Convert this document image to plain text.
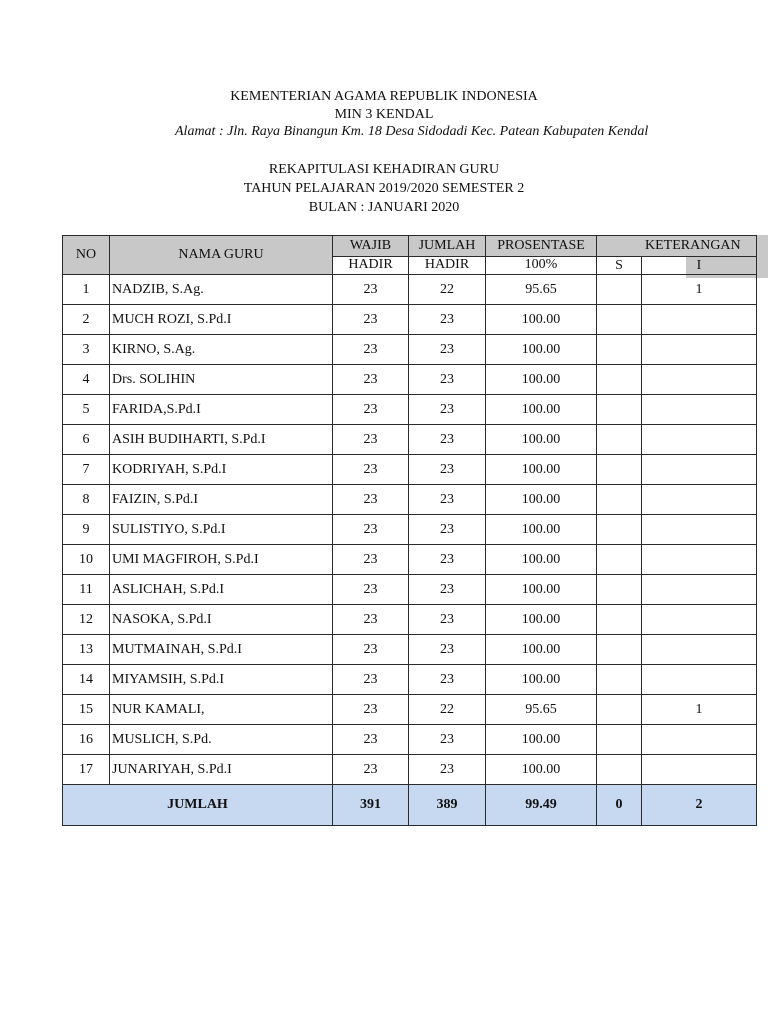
KEMENTERIAN AGAMA REPUBLIK INDONESIA
MIN 3 KENDAL
Alamat : Jln. Raya Binangun Km. 18 Desa Sidodadi Kec. Patean Kabupaten Kendal
REKAPITULASI KEHADIRAN GURU
TAHUN PELAJARAN 2019/2020 SEMESTER 2
BULAN : JANUARI 2020
NO	NAMA GURU	WAJIB	JUMLAH	PROSENTASE	KETERANGAN	
		HADIR	HADIR	100%	S	I

1	NADZIB, S.Ag.	23	22	95.65		1
2	MUCH ROZI, S.Pd.I	23	23	100.00		
3	KIRNO, S.Ag.	23	23	100.00		
4	Drs. SOLIHIN	23	23	100.00		
5	FARIDA,S.Pd.I	23	23	100.00		
6	ASIH BUDIHARTI, S.Pd.I	23	23	100.00		
7	KODRIYAH, S.Pd.I	23	23	100.00		
8	FAIZIN, S.Pd.I	23	23	100.00		
9	SULISTIYO, S.Pd.I	23	23	100.00		
10	UMI MAGFIROH, S.Pd.I	23	23	100.00		
11	ASLICHAH, S.Pd.I	23	23	100.00		
12	NASOKA, S.Pd.I	23	23	100.00		
13	MUTMAINAH, S.Pd.I	23	23	100.00		
14	MIYAMSIH, S.Pd.I	23	23	100.00		
15	NUR KAMALI,	23	22	95.65		1
16	MUSLICH, S.Pd.	23	23	100.00		
17	JUNARIYAH, S.Pd.I	23	23	100.00		
JUMLAH		391	389	99.49	0	2
